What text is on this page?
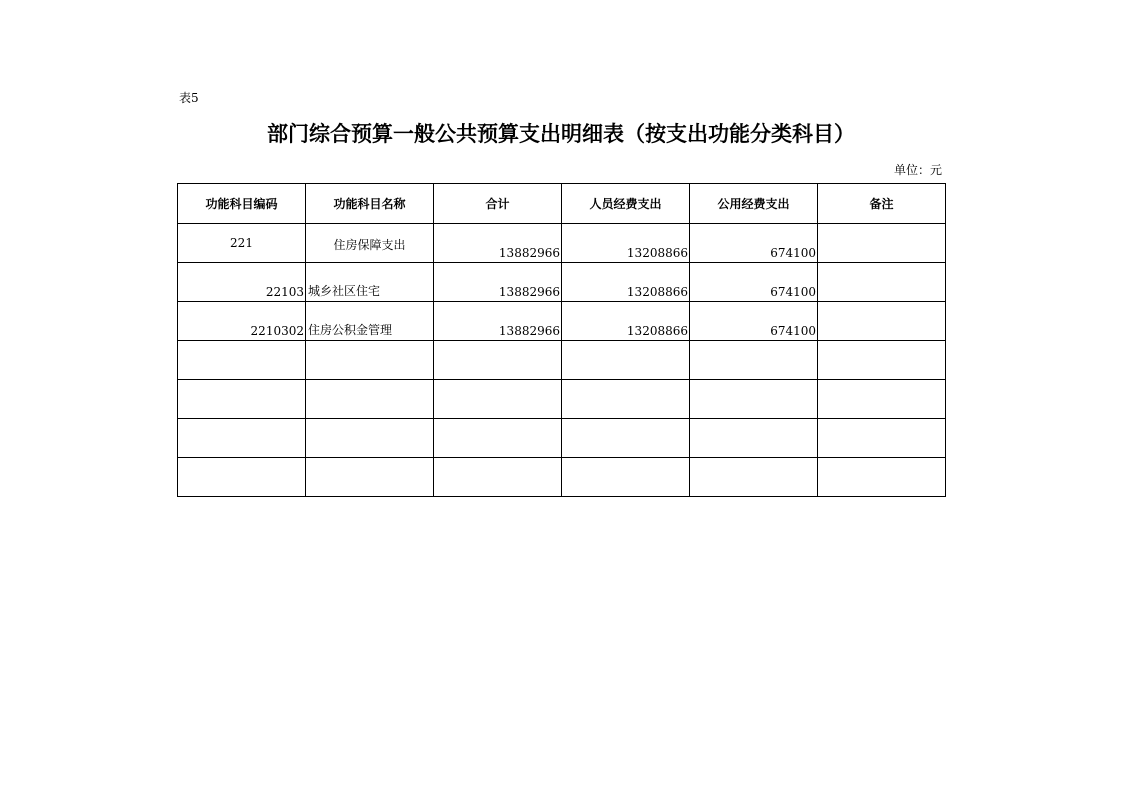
表5
部门综合预算一般公共预算支出明细表（按支出功能分类科目）
单位：元
功能科目编码	功能科目名称	合计	人员经费支出	公用经费支出	备注
221	住房保障支出	13882966	13208866	674100	
22103	城乡社区住宅	13882966	13208866	674100	
2210302	住房公积金管理	13882966	13208866	674100	
